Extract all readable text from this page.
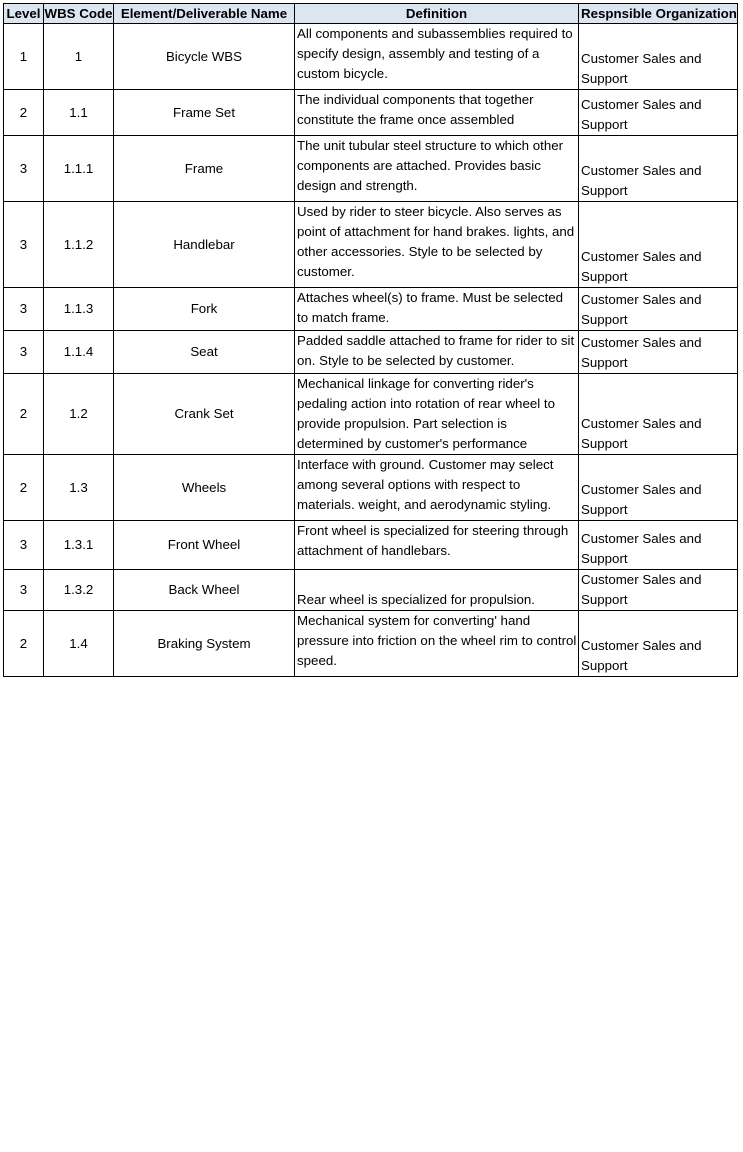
Level	WBS Code	Element/Deliverable Name	Definition	Respnsible Organization
1	1	Bicycle WBS	All components and subassemblies required to specify design, assembly and testing of a custom bicycle.	Customer Sales and Support
2	1.1	Frame Set	The individual components that together constitute the frame once assembled	Customer Sales and Support
3	1.1.1	Frame	The unit tubular steel structure to which other components are attached. Provides basic design and strength.	Customer Sales and Support
3	1.1.2	Handlebar	Used by rider to steer bicycle. Also serves as point of attachment for hand brakes. lights, and other accessories. Style to be selected by customer.	Customer Sales and Support
3	1.1.3	Fork	Attaches wheel(s) to frame. Must be selected to match frame.	Customer Sales and Support
3	1.1.4	Seat	Padded saddle attached to frame for rider to sit on. Style to be selected by customer.	Customer Sales and Support
2	1.2	Crank Set	Mechanical linkage for converting rider's pedaling action into rotation of rear wheel to provide propulsion. Part selection is determined by customer's performance	Customer Sales and Support
2	1.3	Wheels	Interface with ground. Customer may select among several options with respect to materials. weight, and aerodynamic styling.	Customer Sales and Support
3	1.3.1	Front Wheel	Front wheel is specialized for steering through attachment of handlebars.	Customer Sales and Support
3	1.3.2	Back Wheel	Rear wheel is specialized for propulsion.	Customer Sales and Support
2	1.4	Braking System	Mechanical system for converting' hand pressure into friction on the wheel rim to control speed.	Customer Sales and Support
